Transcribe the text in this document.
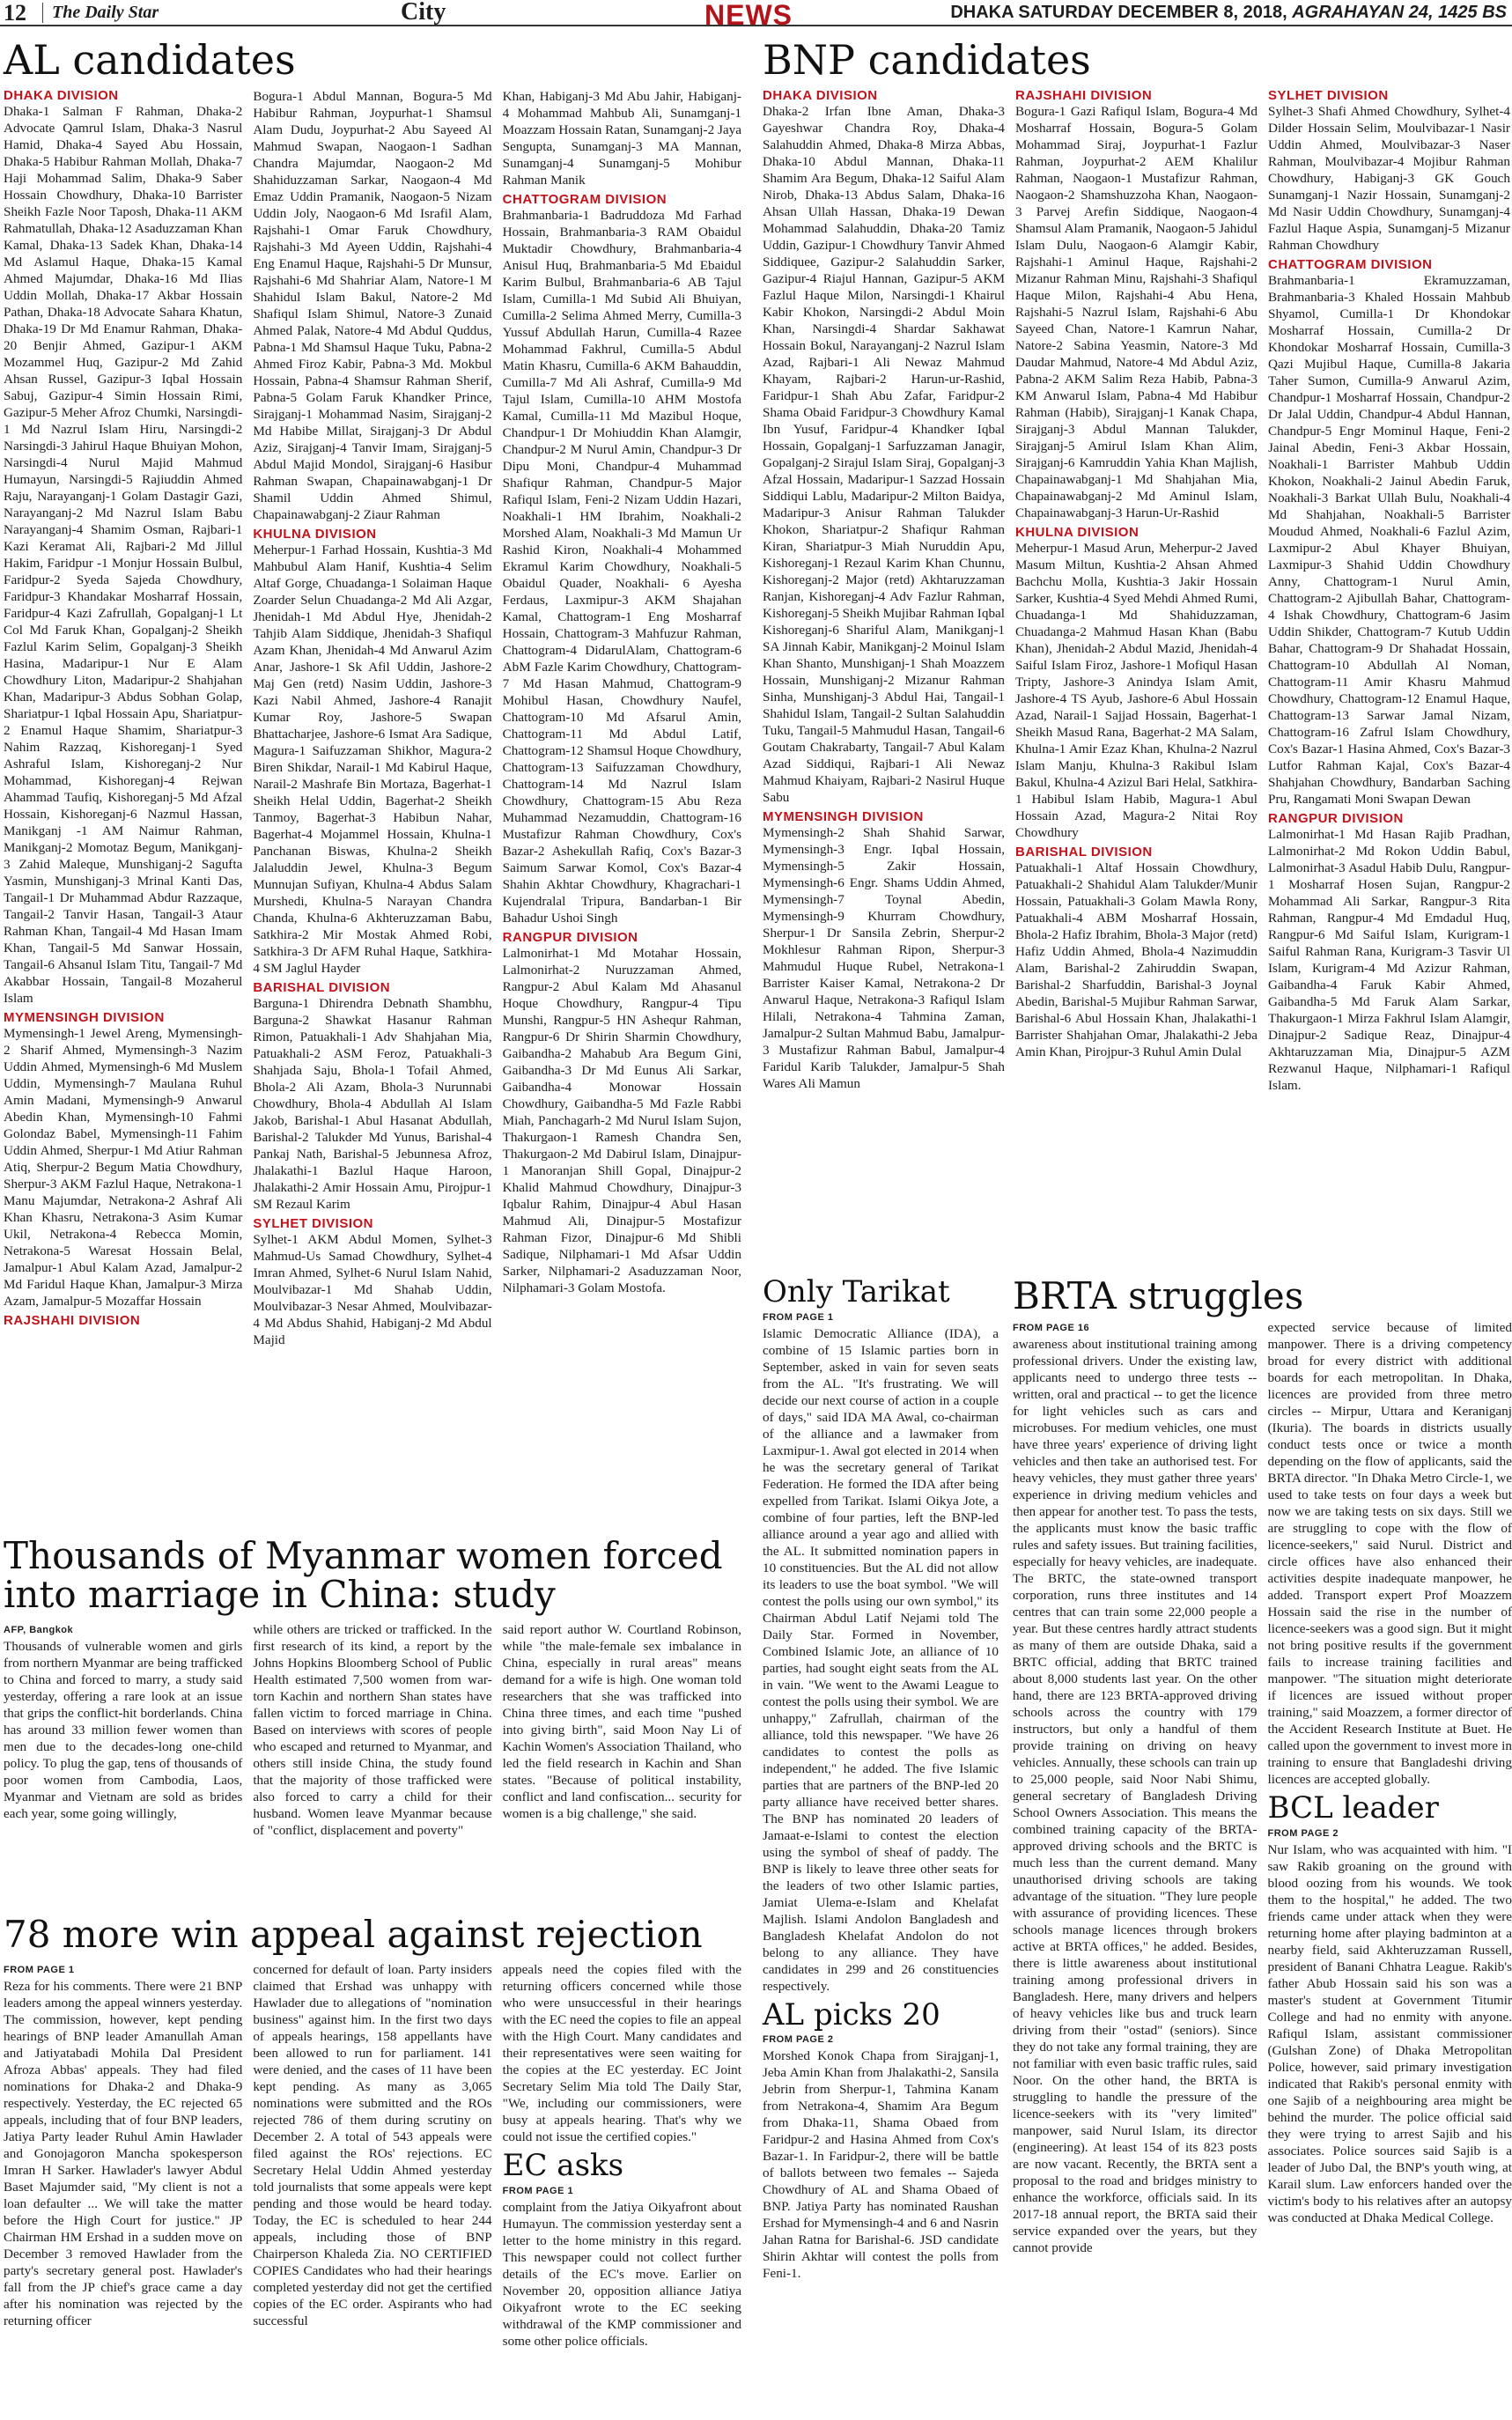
12	The Daily Star	City	NEWS	DHAKA SATURDAY DECEMBER 8, 2018, AGRAHAYAN 24, 1425 BS
AL candidates
DHAKA DIVISION

Dhaka-1 Salman F Rahman, Dhaka-2 Advocate Qamrul Islam, Dhaka-3 Nasrul Hamid, Dhaka-4 Sayed Abu Hossain, Dhaka-5 Habibur Rahman Mollah, Dhaka-7 Haji Mohammad Salim, Dhaka-9 Saber Hossain Chowdhury, Dhaka-10 Barrister Sheikh Fazle Noor Taposh, Dhaka-11 AKM Rahmatullah, Dhaka-12 Asaduzzaman Khan Kamal, Dhaka-13 Sadek Khan, Dhaka-14 Md Aslamul Haque, Dhaka-15 Kamal Ahmed Majumdar, Dhaka-16 Md Ilias Uddin Mollah, Dhaka-17 Akbar Hossain Pathan, Dhaka-18 Advocate Sahara Khatun, Dhaka-19 Dr Md Enamur Rahman, Dhaka-20 Benjir Ahmed, Gazipur-1 AKM Mozammel Huq, Gazipur-2 Md Zahid Ahsan Russel, Gazipur-3 Iqbal Hossain Sabuj, Gazipur-4 Simin Hossain Rimi, Gazipur-5 Meher Afroz Chumki, Narsingdi-1 Md Nazrul Islam Hiru, Narsingdi-2 Narsingdi-3 Jahirul Haque Bhuiyan Mohon, Narsingdi-4 Nurul Majid Mahmud Humayun, Narsingdi-5 Rajiuddin Ahmed Raju, Narayanganj-1 Golam Dastagir Gazi, Narayanganj-2 Md Nazrul Islam Babu Narayanganj-4 Shamim Osman, Rajbari-1 Kazi Keramat Ali, Rajbari-2 Md Jillul Hakim, Faridpur -1 Monjur Hossain Bulbul, Faridpur-2 Syeda Sajeda Chowdhury, Faridpur-3 Khandakar Mosharraf Hossain, Faridpur-4 Kazi Zafrullah, Gopalganj-1 Lt Col Md Faruk Khan, Gopalganj-2 Sheikh Fazlul Karim Selim, Gopalganj-3 Sheikh Hasina, Madaripur-1 Nur E Alam Chowdhury Liton, Madaripur-2 Shahjahan Khan, Madaripur-3 Abdus Sobhan Golap, Shariatpur-1 Iqbal Hossain Apu, Shariatpur-2 Enamul Haque Shamim, Shariatpur-3 Nahim Razzaq, Kishoreganj-1 Syed Ashraful Islam, Kishoreganj-2 Nur Mohammad, Kishoreganj-4 Rejwan Ahammad Taufiq, Kishoreganj-5 Md Afzal Hossain, Kishoreganj-6 Nazmul Hassan, Manikganj -1 AM Naimur Rahman, Manikganj-2 Momotaz Begum, Manikganj-3 Zahid Maleque, Munshiganj-2 Sagufta Yasmin, Munshiganj-3 Mrinal Kanti Das, Tangail-1 Dr Muhammad Abdur Razzaque, Tangail-2 Tanvir Hasan, Tangail-3 Ataur Rahman Khan, Tangail-4 Md Hasan Imam Khan, Tangail-5 Md Sanwar Hossain, Tangail-6 Ahsanul Islam Titu, Tangail-7 Md Akabbar Hossain, Tangail-8 Mozaherul Islam

MYMENSINGH DIVISION

Mymensingh-1 Jewel Areng, Mymensingh-2 Sharif Ahmed, Mymensingh-3 Nazim Uddin Ahmed, Mymensingh-6 Md Muslem Uddin, Mymensingh-7 Maulana Ruhul Amin Madani, Mymensingh-9 Anwarul Abedin Khan, Mymensingh-10 Fahmi Golondaz Babel, Mymensingh-11 Fahim Uddin Ahmed, Sherpur-1 Md Atiur Rahman Atiq, Sherpur-2 Begum Matia Chowdhury, Sherpur-3 AKM Fazlul Haque, Netrakona-1 Manu Majumdar, Netrakona-2 Ashraf Ali Khan Khasru, Netrakona-3 Asim Kumar Ukil, Netrakona-4 Rebecca Momin, Netrakona-5 Waresat Hossain Belal, Jamalpur-1 Abul Kalam Azad, Jamalpur-2 Md Faridul Haque Khan, Jamalpur-3 Mirza Azam, Jamalpur-5 Mozaffar Hossain

RAJSHAHI DIVISION

Bogura-1 Abdul Mannan, Bogura-5 Md Habibur Rahman, Joypurhat-1 Shamsul Alam Dudu, Joypurhat-2 Abu Sayeed Al Mahmud Swapan, Naogaon-1 Sadhan Chandra Majumdar, Naogaon-2 Md Shahiduzzaman Sarkar, Naogaon-4 Md Emaz Uddin Pramanik, Naogaon-5 Nizam Uddin Joly, Naogaon-6 Md Israfil Alam, Rajshahi-1 Omar Faruk Chowdhury, Rajshahi-3 Md Ayeen Uddin, Rajshahi-4 Eng Enamul Haque, Rajshahi-5 Dr Munsur, Rajshahi-6 Md Shahriar Alam, Natore-1 M Shahidul Islam Bakul, Natore-2 Md Shafiqul Islam Shimul, Natore-3 Zunaid Ahmed Palak, Natore-4 Md Abdul Quddus, Pabna-1 Md Shamsul Haque Tuku, Pabna-2 Ahmed Firoz Kabir, Pabna-3 Md. Mokbul Hossain, Pabna-4 Shamsur Rahman Sherif, Pabna-5 Golam Faruk Khandker Prince, Sirajganj-1 Mohammad Nasim, Sirajganj-2 Md Habibe Millat, Sirajganj-3 Dr Abdul Aziz, Sirajganj-4 Tanvir Imam, Sirajganj-5 Abdul Majid Mondol, Sirajganj-6 Hasibur Rahman Swapan, Chapainawabganj-1 Dr Shamil Uddin Ahmed Shimul, Chapainawabganj-2 Ziaur Rahman

KHULNA DIVISION

Meherpur-1 Farhad Hossain, Kushtia-3 Md Mahbubul Alam Hanif, Kushtia-4 Selim Altaf Gorge, Chuadanga-1 Solaiman Haque Zoarder Selun Chuadanga-2 Md Ali Azgar, Jhenidah-1 Md Abdul Hye, Jhenidah-2 Tahjib Alam Siddique, Jhenidah-3 Shafiqul Azam Khan, Jhenidah-4 Md Anwarul Azim Anar, Jashore-1 Sk Afil Uddin, Jashore-2 Maj Gen (retd) Nasim Uddin, Jashore-3 Kazi Nabil Ahmed, Jashore-4 Ranajit Kumar Roy, Jashore-5 Swapan Bhattacharjee, Jashore-6 Ismat Ara Sadique, Magura-1 Saifuzzaman Shikhor, Magura-2 Biren Shikdar, Narail-1 Md Kabirul Haque, Narail-2 Mashrafe Bin Mortaza, Bagerhat-1 Sheikh Helal Uddin, Bagerhat-2 Sheikh Tanmoy, Bagerhat-3 Habibun Nahar, Bagerhat-4 Mojammel Hossain, Khulna-1 Panchanan Biswas, Khulna-2 Sheikh Jalaluddin Jewel, Khulna-3 Begum Munnujan Sufiyan, Khulna-4 Abdus Salam Murshedi, Khulna-5 Narayan Chandra Chanda, Khulna-6 Akhteruzzaman Babu, Satkhira-2 Mir Mostak Ahmed Robi, Satkhira-3 Dr AFM Ruhal Haque, Satkhira-4 SM Jaglul Hayder

BARISHAL DIVISION

Barguna-1 Dhirendra Debnath Shambhu, Barguna-2 Shawkat Hasanur Rahman Rimon, Patuakhali-1 Adv Shahjahan Mia, Patuakhali-2 ASM Feroz, Patuakhali-3 Shahjada Saju, Bhola-1 Tofail Ahmed, Bhola-2 Ali Azam, Bhola-3 Nurunnabi Chowdhury, Bhola-4 Abdullah Al Islam Jakob, Barishal-1 Abul Hasanat Abdullah, Barishal-2 Talukder Md Yunus, Barishal-4 Pankaj Nath, Barishal-5 Jebunnesa Afroz, Jhalakathi-1 Bazlul Haque Haroon, Jhalakathi-2 Amir Hossain Amu, Pirojpur-1 SM Rezaul Karim

SYLHET DIVISION

Sylhet-1 AKM Abdul Momen, Sylhet-3 Mahmud-Us Samad Chowdhury, Sylhet-4 Imran Ahmed, Sylhet-6 Nurul Islam Nahid, Moulvibazar-1 Md Shahab Uddin, Moulvibazar-3 Nesar Ahmed, Moulvibazar-4 Md Abdus Shahid, Habiganj-2 Md Abdul Majid

Khan, Habiganj-3 Md Abu Jahir, Habiganj-4 Mohammad Mahbub Ali, Sunamganj-1 Moazzam Hossain Ratan, Sunamganj-2 Jaya Sengupta, Sunamganj-3 MA Mannan, Sunamganj-4 Sunamganj-5 Mohibur Rahman Manik

CHATTOGRAM DIVISION

Brahmanbaria-1 Badruddoza Md Farhad Hossain, Brahmanbaria-3 RAM Obaidul Muktadir Chowdhury, Brahmanbaria-4 Anisul Huq, Brahmanbaria-5 Md Ebaidul Karim Bulbul, Brahmanbaria-6 AB Tajul Islam, Cumilla-1 Md Subid Ali Bhuiyan, Cumilla-2 Selima Ahmed Merry, Cumilla-3 Yussuf Abdullah Harun, Cumilla-4 Razee Mohammad Fakhrul, Cumilla-5 Abdul Matin Khasru, Cumilla-6 AKM Bahauddin, Cumilla-7 Md Ali Ashraf, Cumilla-9 Md Tajul Islam, Cumilla-10 AHM Mostofa Kamal, Cumilla-11 Md Mazibul Hoque, Chandpur-1 Dr Mohiuddin Khan Alamgir, Chandpur-2 M Nurul Amin, Chandpur-3 Dr Dipu Moni, Chandpur-4 Muhammad Shafiqur Rahman, Chandpur-5 Major Rafiqul Islam, Feni-2 Nizam Uddin Hazari, Noakhali-1 HM Ibrahim, Noakhali-2 Morshed Alam, Noakhali-3 Md Mamun Ur Rashid Kiron, Noakhali-4 Mohammed Ekramul Karim Chowdhury, Noakhali-5 Obaidul Quader, Noakhali- 6 Ayesha Ferdaus, Laxmipur-3 AKM Shajahan Kamal, Chattogram-1 Eng Mosharraf Hossain, Chattogram-3 Mahfuzur Rahman, Chattogram-4 DidarulAlam, Chattogram-6 AbM Fazle Karim Chowdhury, Chattogram-7 Md Hasan Mahmud, Chattogram-9 Mohibul Hasan, Chowdhury Naufel, Chattogram-10 Md Afsarul Amin, Chattogram-11 Md Abdul Latif, Chattogram-12 Shamsul Hoque Chowdhury, Chattogram-13 Saifuzzaman Chowdhury, Chattogram-14 Md Nazrul Islam Chowdhury, Chattogram-15 Abu Reza Muhammad Nezamuddin, Chattogram-16 Mustafizur Rahman Chowdhury, Cox's Bazar-2 Ashekullah Rafiq, Cox's Bazar-3 Saimum Sarwar Komol, Cox's Bazar-4 Shahin Akhtar Chowdhury, Khagrachari-1 Kujendralal Tripura, Bandarban-1 Bir Bahadur Ushoi Singh

RANGPUR DIVISION

Lalmonirhat-1 Md Motahar Hossain, Lalmonirhat-2 Nuruzzaman Ahmed, Rangpur-2 Abul Kalam Md Ahasanul Hoque Chowdhury, Rangpur-4 Tipu Munshi, Rangpur-5 HN Ashequr Rahman, Rangpur-6 Dr Shirin Sharmin Chowdhury, Gaibandha-2 Mahabub Ara Begum Gini, Gaibandha-3 Dr Md Eunus Ali Sarkar, Gaibandha-4 Monowar Hossain Chowdhury, Gaibandha-5 Md Fazle Rabbi Miah, Panchagarh-2 Md Nurul Islam Sujon, Thakurgaon-1 Ramesh Chandra Sen, Thakurgaon-2 Md Dabirul Islam, Dinajpur-1 Manoranjan Shill Gopal, Dinajpur-2 Khalid Mahmud Chowdhury, Dinajpur-3 Iqbalur Rahim, Dinajpur-4 Abul Hasan Mahmud Ali, Dinajpur-5 Mostafizur Rahman Fizor, Dinajpur-6 Md Shibli Sadique, Nilphamari-1 Md Afsar Uddin Sarker, Nilphamari-2 Asaduzzaman Noor, Nilphamari-3 Golam Mostofa.

BNP candidates
DHAKA DIVISION

Dhaka-2 Irfan Ibne Aman, Dhaka-3 Gayeshwar Chandra Roy, Dhaka-4 Salahuddin Ahmed, Dhaka-8 Mirza Abbas, Dhaka-10 Abdul Mannan, Dhaka-11 Shamim Ara Begum, Dhaka-12 Saiful Alam Nirob, Dhaka-13 Abdus Salam, Dhaka-16 Ahsan Ullah Hassan, Dhaka-19 Dewan Mohammad Salahuddin, Dhaka-20 Tamiz Uddin, Gazipur-1 Chowdhury Tanvir Ahmed Siddiquee, Gazipur-2 Salahuddin Sarker, Gazipur-4 Riajul Hannan, Gazipur-5 AKM Fazlul Haque Milon, Narsingdi-1 Khairul Kabir Khokon, Narsingdi-2 Abdul Moin Khan, Narsingdi-4 Shardar Sakhawat Hossain Bokul, Narayanganj-2 Nazrul Islam Azad, Rajbari-1 Ali Newaz Mahmud Khayam, Rajbari-2 Harun-ur-Rashid, Faridpur-1 Shah Abu Zafar, Faridpur-2 Shama Obaid Faridpur-3 Chowdhury Kamal Ibn Yusuf, Faridpur-4 Khandker Iqbal Hossain, Gopalganj-1 Sarfuzzaman Janagir, Gopalganj-2 Sirajul Islam Siraj, Gopalganj-3 Afzal Hossain, Madaripur-1 Sazzad Hossain Siddiqui Lablu, Madaripur-2 Milton Baidya, Madaripur-3 Anisur Rahman Talukder Khokon, Shariatpur-2 Shafiqur Rahman Kiran, Shariatpur-3 Miah Nuruddin Apu, Kishoreganj-1 Rezaul Karim Khan Chunnu, Kishoreganj-2 Major (retd) Akhtaruzzaman Ranjan, Kishoreganj-4 Adv Fazlur Rahman, Kishoreganj-5 Sheikh Mujibar Rahman Iqbal Kishoreganj-6 Shariful Alam, Manikganj-1 SA Jinnah Kabir, Manikganj-2 Moinul Islam Khan Shanto, Munshiganj-1 Shah Moazzem Hossain, Munshiganj-2 Mizanur Rahman Sinha, Munshiganj-3 Abdul Hai, Tangail-1 Shahidul Islam, Tangail-2 Sultan Salahuddin Tuku, Tangail-5 Mahmudul Hasan, Tangail-6 Goutam Chakrabarty, Tangail-7 Abul Kalam Azad Siddiqui, Rajbari-1 Ali Newaz Mahmud Khaiyam, Rajbari-2 Nasirul Huque Sabu

MYMENSINGH DIVISION

Mymensingh-2 Shah Shahid Sarwar, Mymensingh-3 Engr. Iqbal Hossain, Mymensingh-5 Zakir Hossain, Mymensingh-6 Engr. Shams Uddin Ahmed, Mymensingh-7 Toynal Abedin, Mymensingh-9 Khurram Chowdhury, Sherpur-1 Dr Sansila Zebrin, Sherpur-2 Mokhlesur Rahman Ripon, Sherpur-3 Mahmudul Huque Rubel, Netrakona-1 Barrister Kaiser Kamal, Netrakona-2 Dr Anwarul Haque, Netrakona-3 Rafiqul Islam Hilali, Netrakona-4 Tahmina Zaman, Jamalpur-2 Sultan Mahmud Babu, Jamalpur-3 Mustafizur Rahman Babul, Jamalpur-4 Faridul Karib Talukder, Jamalpur-5 Shah Wares Ali Mamun

RAJSHAHI DIVISION

Bogura-1 Gazi Rafiqul Islam, Bogura-4 Md Mosharraf Hossain, Bogura-5 Golam Mohammad Siraj, Joypurhat-1 Fazlur Rahman, Joypurhat-2 AEM Khalilur Rahman, Naogaon-1 Mustafizur Rahman, Naogaon-2 Shamshuzzoha Khan, Naogaon- 3 Parvej Arefin Siddique, Naogaon-4 Shamsul Alam Pramanik, Naogaon-5 Jahidul Islam Dulu, Naogaon-6 Alamgir Kabir, Rajshahi-1 Aminul Haque, Rajshahi-2 Mizanur Rahman Minu, Rajshahi-3 Shafiqul Haque Milon, Rajshahi-4 Abu Hena, Rajshahi-5 Nazrul Islam, Rajshahi-6 Abu Sayeed Chan, Natore-1 Kamrun Nahar, Natore-2 Sabina Yeasmin, Natore-3 Md Daudar Mahmud, Natore-4 Md Abdul Aziz, Pabna-2 AKM Salim Reza Habib, Pabna-3 KM Anwarul Islam, Pabna-4 Md Habibur Rahman (Habib), Sirajganj-1 Kanak Chapa, Sirajganj-3 Abdul Mannan Talukder, Sirajganj-5 Amirul Islam Khan Alim, Sirajganj-6 Kamruddin Yahia Khan Majlish, Chapainawabganj-1 Md Shahjahan Mia, Chapainawabganj-2 Md Aminul Islam, Chapainawabganj-3 Harun-Ur-Rashid

KHULNA DIVISION

Meherpur-1 Masud Arun, Meherpur-2 Javed Masum Miltun, Kushtia-2 Ahsan Ahmed Bachchu Molla, Kushtia-3 Jakir Hossain Sarker, Kushtia-4 Syed Mehdi Ahmed Rumi, Chuadanga-1 Md Shahiduzzaman, Chuadanga-2 Mahmud Hasan Khan (Babu Khan), Jhenidah-2 Abdul Mazid, Jhenidah-4 Saiful Islam Firoz, Jashore-1 Mofiqul Hasan Tripty, Jashore-3 Anindya Islam Amit, Jashore-4 TS Ayub, Jashore-6 Abul Hossain Azad, Narail-1 Sajjad Hossain, Bagerhat-1 Sheikh Masud Rana, Bagerhat-2 MA Salam, Khulna-1 Amir Ezaz Khan, Khulna-2 Nazrul Islam Manju, Khulna-3 Rakibul Islam Bakul, Khulna-4 Azizul Bari Helal, Satkhira-1 Habibul Islam Habib, Magura-1 Abul Hossain Azad, Magura-2 Nitai Roy Chowdhury

BARISHAL DIVISION

Patuakhali-1 Altaf Hossain Chowdhury, Patuakhali-2 Shahidul Alam Talukder/Munir Hossain, Patuakhali-3 Golam Mawla Rony, Patuakhali-4 ABM Mosharraf Hossain, Bhola-2 Hafiz Ibrahim, Bhola-3 Major (retd) Hafiz Uddin Ahmed, Bhola-4 Nazimuddin Alam, Barishal-2 Zahiruddin Swapan, Barishal-2 Sharfuddin, Barishal-3 Joynal Abedin, Barishal-5 Mujibur Rahman Sarwar, Barishal-6 Abul Hossain Khan, Jhalakathi-1 Barrister Shahjahan Omar, Jhalakathi-2 Jeba Amin Khan, Pirojpur-3 Ruhul Amin Dulal

SYLHET DIVISION

Sylhet-3 Shafi Ahmed Chowdhury, Sylhet-4 Dilder Hossain Selim, Moulvibazar-1 Nasir Uddin Ahmed, Moulvibazar-3 Naser Rahman, Moulvibazar-4 Mojibur Rahman Chowdhury, Habiganj-3 GK Gouch Sunamganj-1 Nazir Hossain, Sunamganj-2 Md Nasir Uddin Chowdhury, Sunamganj-4 Fazlul Haque Aspia, Sunamganj-5 Mizanur Rahman Chowdhury

CHATTOGRAM DIVISION

Brahmanbaria-1 Ekramuzzaman, Brahmanbaria-3 Khaled Hossain Mahbub Shyamol, Cumilla-1 Dr Khondokar Mosharraf Hossain, Cumilla-2 Dr Khondokar Mosharraf Hossain, Cumilla-3 Qazi Mujibul Haque, Cumilla-8 Jakaria Taher Sumon, Cumilla-9 Anwarul Azim, Chandpur-1 Mosharraf Hossain, Chandpur-2 Dr Jalal Uddin, Chandpur-4 Abdul Hannan, Chandpur-5 Engr Mominul Haque, Feni-2 Jainal Abedin, Feni-3 Akbar Hossain, Noakhali-1 Barrister Mahbub Uddin Khokon, Noakhali-2 Jainul Abedin Faruk, Noakhali-3 Barkat Ullah Bulu, Noakhali-4 Md Shahjahan, Noakhali-5 Barrister Moudud Ahmed, Noakhali-6 Fazlul Azim, Laxmipur-2 Abul Khayer Bhuiyan, Laxmipur-3 Shahid Uddin Chowdhury Anny, Chattogram-1 Nurul Amin, Chattogram-2 Ajibullah Bahar, Chattogram-4 Ishak Chowdhury, Chattogram-6 Jasim Uddin Shikder, Chattogram-7 Kutub Uddin Bahar, Chattogram-9 Dr Shahadat Hossain, Chattogram-10 Abdullah Al Noman, Chattogram-11 Amir Khasru Mahmud Chowdhury, Chattogram-12 Enamul Haque, Chattogram-13 Sarwar Jamal Nizam, Chattogram-16 Zafrul Islam Chowdhury, Cox's Bazar-1 Hasina Ahmed, Cox's Bazar-3 Lutfor Rahman Kajal, Cox's Bazar-4 Shahjahan Chowdhury, Bandarban Saching Pru, Rangamati Moni Swapan Dewan

RANGPUR DIVISION

Lalmonirhat-1 Md Hasan Rajib Pradhan, Lalmonirhat-2 Md Rokon Uddin Babul, Lalmonirhat-3 Asadul Habib Dulu, Rangpur-1 Mosharraf Hosen Sujan, Rangpur-2 Mohammad Ali Sarkar, Rangpur-3 Rita Rahman, Rangpur-4 Md Emdadul Huq, Rangpur-6 Md Saiful Islam, Kurigram-1 Saiful Rahman Rana, Kurigram-3 Tasvir Ul Islam, Kurigram-4 Md Azizur Rahman, Gaibandha-4 Faruk Kabir Ahmed, Gaibandha-5 Md Faruk Alam Sarkar, Thakurgaon-1 Mirza Fakhrul Islam Alamgir, Dinajpur-2 Sadique Reaz, Dinajpur-4 Akhtaruzzaman Mia, Dinajpur-5 AZM Rezwanul Haque, Nilphamari-1 Rafiqul Islam.

Thousands of Myanmar women forced into marriage in China: study
AFP, Bangkok

Thousands of vulnerable women and girls from northern Myanmar are being trafficked to China and forced to marry, a study said yesterday, offering a rare look at an issue that grips the conflict-hit borderlands. China has around 33 million fewer women than men due to the decades-long one-child policy. To plug the gap, tens of thousands of poor women from Cambodia, Laos, Myanmar and Vietnam are sold as brides each year, some going willingly,

while others are tricked or trafficked. In the first research of its kind, a report by the Johns Hopkins Bloomberg School of Public Health estimated 7,500 women from war-torn Kachin and northern Shan states have fallen victim to forced marriage in China. Based on interviews with scores of people who escaped and returned to Myanmar, and others still inside China, the study found that the majority of those trafficked were also forced to carry a child for their husband. Women leave Myanmar because of "conflict, displacement and poverty"

said report author W. Courtland Robinson, while "the male-female sex imbalance in China, especially in rural areas" means demand for a wife is high. One woman told researchers that she was trafficked into China three times, and each time "pushed into giving birth", said Moon Nay Li of Kachin Women's Association Thailand, who led the field research in Kachin and Shan states. "Because of political instability, conflict and land confiscation... security for women is a big challenge," she said.

78 more win appeal against rejection
FROM PAGE 1

Reza for his comments. There were 21 BNP leaders among the appeal winners yesterday. The commission, however, kept pending hearings of BNP leader Amanullah Aman and Jatiyatabadi Mohila Dal President Afroza Abbas' appeals. They had filed nominations for Dhaka-2 and Dhaka-9 respectively. Yesterday, the EC rejected 65 appeals, including that of four BNP leaders, Jatiya Party leader Ruhul Amin Hawlader and Gonojagoron Mancha spokesperson Imran H Sarker. Hawlader's lawyer Abdul Baset Majumder said, "My client is not a loan defaulter ... We will take the matter before the High Court for justice." JP Chairman HM Ershad in a sudden move on December 3 removed Hawlader from the party's secretary general post. Hawlader's fall from the JP chief's grace came a day after his nomination was rejected by the returning officer

concerned for default of loan. Party insiders claimed that Ershad was unhappy with Hawlader due to allegations of "nomination business" against him. In the first two days of appeals hearings, 158 appellants have been allowed to run for parliament. 141 were denied, and the cases of 11 have been kept pending. As many as 3,065 nominations were submitted and the ROs rejected 786 of them during scrutiny on December 2. A total of 543 appeals were filed against the ROs' rejections. EC Secretary Helal Uddin Ahmed yesterday told journalists that some appeals were kept pending and those would be heard today. Today, the EC is scheduled to hear 244 appeals, including those of BNP Chairperson Khaleda Zia. NO CERTIFIED COPIES Candidates who had their hearings completed yesterday did not get the certified copies of the EC order. Aspirants who had successful

appeals need the copies filed with the returning officers concerned while those who were unsuccessful in their hearings with the EC need the copies to file an appeal with the High Court. Many candidates and their representatives were seen waiting for the copies at the EC yesterday. EC Joint Secretary Selim Mia told The Daily Star, "We, including our commissioners, were busy at appeals hearing. That's why we could not issue the certified copies."

EC asks
FROM PAGE 1

complaint from the Jatiya Oikyafront about Humayun. The commission yesterday sent a letter to the home ministry in this regard. This newspaper could not collect further details of the EC's move. Earlier on November 20, opposition alliance Jatiya Oikyafront wrote to the EC seeking withdrawal of the KMP commissioner and some other police officials.

Only Tarikat
FROM PAGE 1

Islamic Democratic Alliance (IDA), a combine of 15 Islamic parties born in September, asked in vain for seven seats from the AL. "It's frustrating. We will decide our next course of action in a couple of days," said IDA MA Awal, co-chairman of the alliance and a lawmaker from Laxmipur-1. Awal got elected in 2014 when he was the secretary general of Tarikat Federation. He formed the IDA after being expelled from Tarikat. Islami Oikya Jote, a combine of four parties, left the BNP-led alliance around a year ago and allied with the AL. It submitted nomination papers in 10 constituencies. But the AL did not allow its leaders to use the boat symbol. "We will contest the polls using our own symbol," its Chairman Abdul Latif Nejami told The Daily Star. Formed in November, Combined Islamic Jote, an alliance of 10 parties, had sought eight seats from the AL in vain. "We went to the Awami League to contest the polls using their symbol. We are unhappy," Zafrullah, chairman of the alliance, told this newspaper. "We have 26 candidates to contest the polls as independent," he added. The five Islamic parties that are partners of the BNP-led 20 party alliance have received better shares. The BNP has nominated 20 leaders of Jamaat-e-Islami to contest the election using the symbol of sheaf of paddy. The BNP is likely to leave three other seats for the leaders of two other Islamic parties, Jamiat Ulema-e-Islam and Khelafat Majlish. Islami Andolon Bangladesh and Bangladesh Khelafat Andolon do not belong to any alliance. They have candidates in 299 and 26 constituencies respectively.

AL picks 20
FROM PAGE 2

Morshed Konok Chapa from Sirajganj-1, Jeba Amin Khan from Jhalakathi-2, Sansila Jebrin from Sherpur-1, Tahmina Kanam from Netrakona-4, Shamim Ara Begum from Dhaka-11, Shama Obaed from Faridpur-2 and Hasina Ahmed from Cox's Bazar-1. In Faridpur-2, there will be battle of ballots between two females -- Sajeda Chowdhury of AL and Shama Obaed of BNP. Jatiya Party has nominated Raushan Ershad for Mymensingh-4 and 6 and Nasrin Jahan Ratna for Barishal-6. JSD candidate Shirin Akhtar will contest the polls from Feni-1.

BRTA struggles
FROM PAGE 16

awareness about institutional training among professional drivers. Under the existing law, applicants need to undergo three tests -- written, oral and practical -- to get the licence for light vehicles such as cars and microbuses. For medium vehicles, one must have three years' experience of driving light vehicles and then take an authorised test. For heavy vehicles, they must gather three years' experience in driving medium vehicles and then appear for another test. To pass the tests, the applicants must know the basic traffic rules and safety issues. But training facilities, especially for heavy vehicles, are inadequate. The BRTC, the state-owned transport corporation, runs three institutes and 14 centres that can train some 22,000 people a year. But these centres hardly attract students as many of them are outside Dhaka, said a BRTC official, adding that BRTC trained about 8,000 students last year. On the other hand, there are 123 BRTA-approved driving schools across the country with 179 instructors, but only a handful of them provide training on driving on heavy vehicles. Annually, these schools can train up to 25,000 people, said Noor Nabi Shimu, general secretary of Bangladesh Driving School Owners Association. This means the combined training capacity of the BRTA-approved driving schools and the BRTC is much less than the current demand. Many unauthorised driving schools are taking advantage of the situation. "They lure people with assurance of providing licences. These schools manage licences through brokers active at BRTA offices," he added. Besides, there is little awareness about institutional training among professional drivers in Bangladesh. Here, many drivers and helpers of heavy vehicles like bus and truck learn driving from their "ostad" (seniors). Since they do not take any formal training, they are not familiar with even basic traffic rules, said Noor. On the other hand, the BRTA is struggling to handle the pressure of the licence-seekers with its "very limited" manpower, said Nurul Islam, its director (engineering). At least 154 of its 823 posts are now vacant. Recently, the BRTA sent a proposal to the road and bridges ministry to enhance the workforce, officials said. In its 2017-18 annual report, the BRTA said their service expanded over the years, but they cannot provide

expected service because of limited manpower. There is a driving competency broad for every district with additional boards for each metropolitan. In Dhaka, licences are provided from three metro circles -- Mirpur, Uttara and Keraniganj (Ikuria). The boards in districts usually conduct tests once or twice a month depending on the flow of applicants, said the BRTA director. "In Dhaka Metro Circle-1, we used to take tests on four days a week but now we are taking tests on six days. Still we are struggling to cope with the flow of licence-seekers," said Nurul. District and circle offices have also enhanced their activities despite inadequate manpower, he added. Transport expert Prof Moazzem Hossain said the rise in the number of licence-seekers was a good sign. But it might not bring positive results if the government fails to increase training facilities and manpower. "The situation might deteriorate if licences are issued without proper training," said Moazzem, a former director of the Accident Research Institute at Buet. He called upon the government to invest more in training to ensure that Bangladeshi driving licences are accepted globally.

BCL leader
FROM PAGE 2

Nur Islam, who was acquainted with him. "I saw Rakib groaning on the ground with blood oozing from his wounds. We took them to the hospital," he added. The two friends came under attack when they were returning home after playing badminton at a nearby field, said Akhteruzzaman Russell, president of Banani Chhatra League. Rakib's father Abub Hossain said his son was a master's student at Government Titumir College and had no enmity with anyone. Rafiqul Islam, assistant commissioner (Gulshan Zone) of Dhaka Metropolitan Police, however, said primary investigation indicated that Rakib's personal enmity with one Sajib of a neighbouring area might be behind the murder. The police official said they were trying to arrest Sajib and his associates. Police sources said Sajib is a leader of Jubo Dal, the BNP's youth wing, at Karail slum. Law enforcers handed over the victim's body to his relatives after an autopsy was conducted at Dhaka Medical College.
